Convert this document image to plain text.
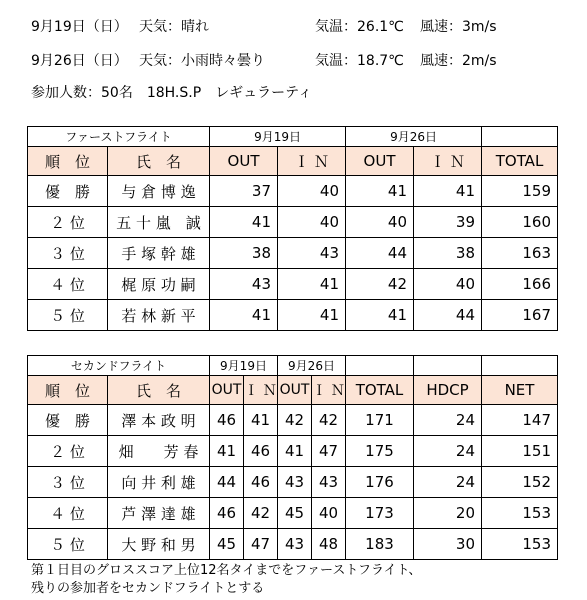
9月19日（日） 天気：晴れ	気温：26.1℃ 風速：3m/s
9月26日（日） 天気：小雨時々曇り	気温：18.7℃ 風速：2m/s
参加人数：50名　18H.S.P　レギュラーティ
ファーストフライト		9月19日		9月26日		
順　位	氏　名	OUT	Ｉ Ｎ	OUT	Ｉ Ｎ	TOTAL
優　勝	与 倉 博 逸	37	40	41	41	159
２ 位	五 十 嵐　誠	41	40	40	39	160
３ 位	手 塚 幹 雄	38	43	44	38	163
４ 位	梶 原 功 嗣	43	41	42	40	166
５ 位	若 林 新 平	41	41	41	44	167
セカンドフライト		9月19日		9月26日				
順　位	氏　名	OUT	Ｉ Ｎ	OUT	Ｉ Ｎ	TOTAL	HDCP	NET
優　勝	澤 本 政 明	46	41	42	42	171	24	147
２ 位	畑　　芳 春	41	46	41	47	175	24	151
３ 位	向 井 利 雄	44	46	43	43	176	24	152
４ 位	芦 澤 達 雄	46	42	45	40	173	20	153
５ 位	大 野 和 男	45	47	43	48	183	30	153
第１日目のグロススコア上位12名タイまでをファーストフライト、
残りの参加者をセカンドフライトとする
